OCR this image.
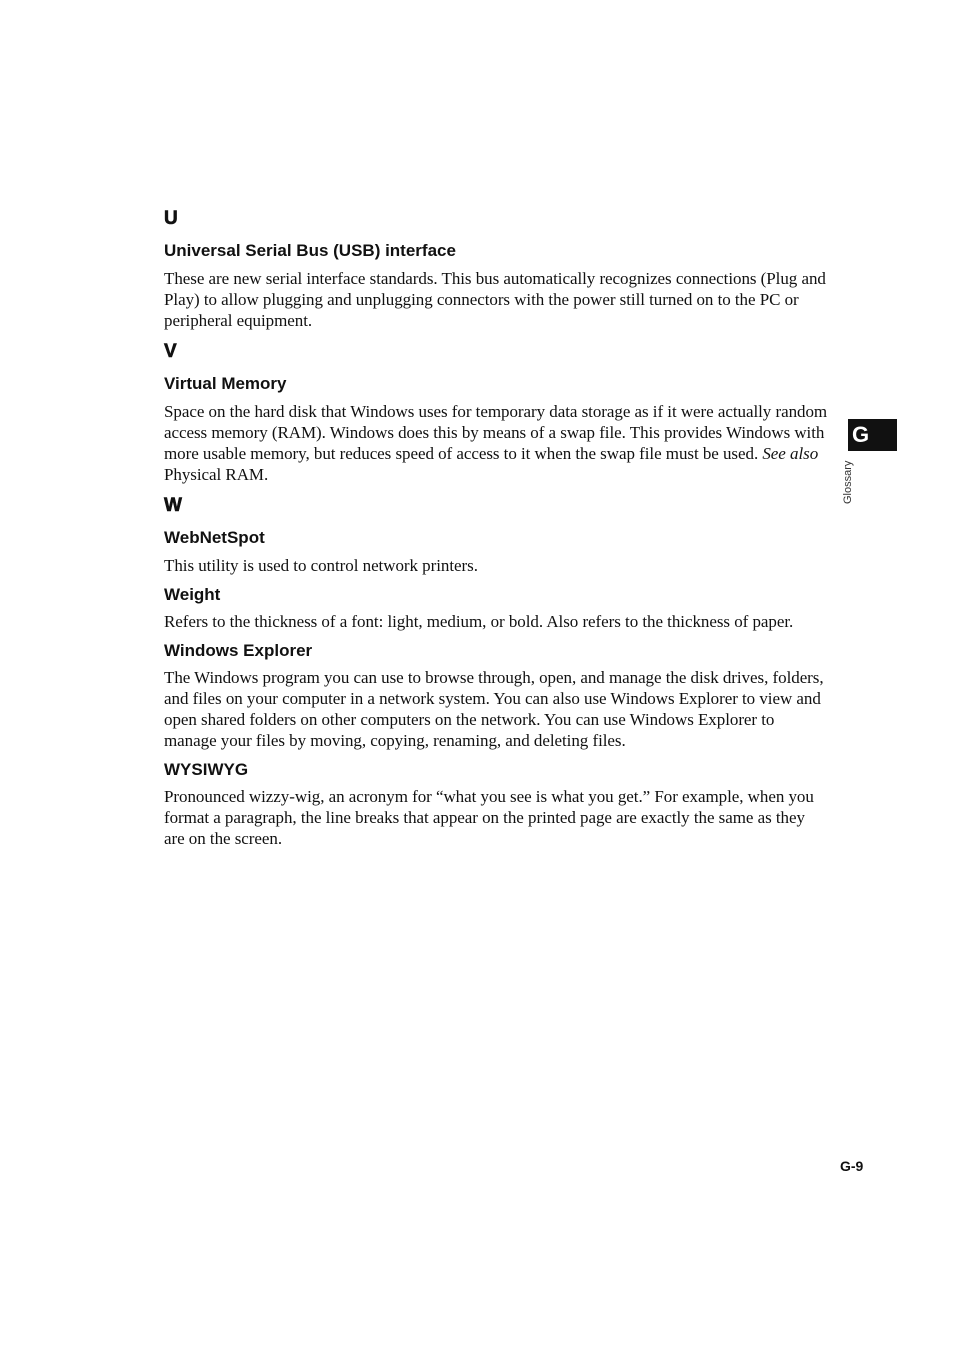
U

Universal Serial Bus (USB) interface

These are new serial interface standards. This bus automatically recognizes connections (Plug and Play) to allow plugging and unplugging connectors with the power still turned on to the PC or peripheral equipment.

V

Virtual Memory

Space on the hard disk that Windows uses for temporary data storage as if it were actually random access memory (RAM). Windows does this by means of a swap file. This provides Windows with more usable memory, but reduces speed of access to it when the swap file must be used. See also Physical RAM.

W

WebNetSpot

This utility is used to control network printers.

Weight

Refers to the thickness of a font: light, medium, or bold. Also refers to the thickness of paper.

Windows Explorer

The Windows program you can use to browse through, open, and manage the disk drives, folders, and files on your computer in a network system. You can also use Windows Explorer to view and open shared folders on other computers on the network. You can use Windows Explorer to manage your files by moving, copying, renaming, and deleting files.

WYSIWYG

Pronounced wizzy-wig, an acronym for “what you see is what you get.” For example, when you format a paragraph, the line breaks that appear on the printed page are exactly the same as they are on the screen.

G
Glossary
G-9
